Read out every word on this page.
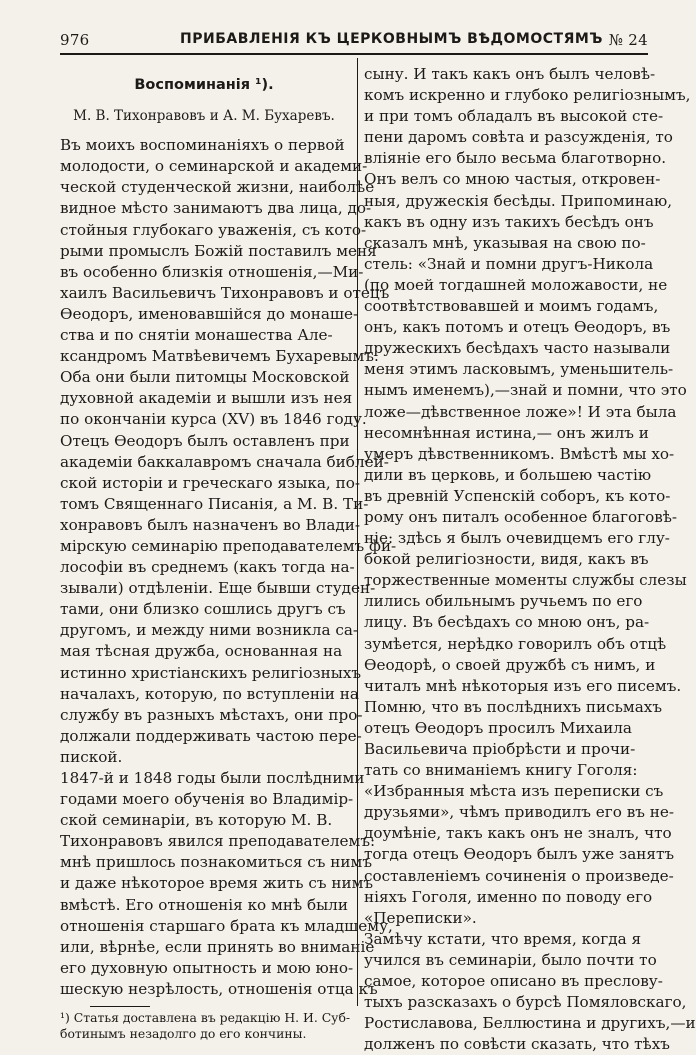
976	ПРИБАВЛЕНІЯ КЪ ЦЕРКОВНЫМЪ ВѢДОМОСТЯМЪ № 24
Воспоминанія ¹).
М. В. Тихонравовъ и А. М. Бухаревъ.
Въ моихъ воспоминаніяхъ о первой
молодости, о семинарской и академи-
ческой студенческой жизни, наиболѣе
видное мѣсто занимаютъ два лица, до-
стойныя глубокаго уваженія, съ кото-
рыми промыслъ Божій поставилъ меня
въ особенно близкія отношенія,—Ми-
хаилъ Васильевичъ Тихонравовъ и отецъ
Өеодоръ, именовавшійся до монаше-
ства и по снятіи монашества Але-
ксандромъ Матвѣевичемъ Бухаревымъ.
Оба они были питомцы Московской
духовной академіи и вышли изъ нея
по окончаніи курса (XV) въ 1846 году.
Отецъ Өеодоръ былъ оставленъ при
академіи баккалавромъ сначала библей-
ской исторіи и греческаго языка, по-
томъ Священнаго Писанія, а М. В. Ти-
хонравовъ былъ назначенъ во Влади-
мірскую семинарію преподавателемъ фи-
лософіи въ среднемъ (какъ тогда на-
зывали) отдѣленіи. Еще бывши студен-
тами, они близко сошлись другъ съ
другомъ, и между ними возникла са-
мая тѣсная дружба, основанная на
истинно христіанскихъ религіозныхъ
началахъ, которую, по вступленіи на
службу въ разныхъ мѣстахъ, они про-
должали поддерживать частою пере-
пиской.
1847-й и 1848 годы были послѣдними
годами моего обученія во Владимір-
ской семинаріи, въ которую М. В.
Тихонравовъ явился преподавателемъ:
мнѣ пришлось познакомиться съ нимъ
и даже нѣкоторое время жить съ нимъ
вмѣстѣ. Его отношенія ко мнѣ были
отношенія старшаго брата къ младшему,
или, вѣрнѣе, если принять во вниманіе
его духовную опытность и мою юно-
шескую незрѣлость, отношенія отца къ
¹) Статья доставлена въ редакцію Н. И. Суб-
ботинымъ незадолго до его кончины.
сыну. И такъ какъ онъ былъ человѣ-
комъ искренно и глубоко религіознымъ,
и при томъ обладалъ въ высокой сте-
пени даромъ совѣта и разсужденія, то
вліяніе его было весьма благотворно.
Онъ велъ со мною частыя, откровен-
ныя, дружескія бесѣды. Припоминаю,
какъ въ одну изъ такихъ бесѣдъ онъ
сказалъ мнѣ, указывая на свою по-
стель: «Знай и помни другъ-Никола
(по моей тогдашней моложавости, не
соотвѣтствовавшей и моимъ годамъ,
онъ, какъ потомъ и отецъ Өеодоръ, въ
дружескихъ бесѣдахъ часто называли
меня этимъ ласковымъ, уменьшитель-
нымъ именемъ),—знай и помни, что это
ложе—дѣвственное ложе»! И эта была
несомнѣнная истина,— онъ жилъ и
умеръ дѣвственникомъ. Вмѣстѣ мы хо-
дили въ церковь, и большею частію
въ древній Успенскій соборъ, къ кото-
рому онъ питалъ особенное благоговѣ-
ніе: здѣсь я былъ очевидцемъ его глу-
бокой религіозности, видя, какъ въ
торжественные моменты службы слезы
лились обильнымъ ручьемъ по его
лицу. Въ бесѣдахъ со мною онъ, ра-
зумѣется, нерѣдко говорилъ объ отцѣ
Өеодорѣ, о своей дружбѣ съ нимъ, и
читалъ мнѣ нѣкоторыя изъ его писемъ.
Помню, что въ послѣднихъ письмахъ
отецъ Өеодоръ просилъ Михаила
Васильевича пріобрѣсти и прочи-
тать со вниманіемъ книгу Гоголя:
«Избранныя мѣста изъ переписки съ
друзьями», чѣмъ приводилъ его въ не-
доумѣніе, такъ какъ онъ не зналъ, что
тогда отецъ Өеодоръ былъ уже занятъ
составленіемъ сочиненія о произведе-
ніяхъ Гоголя, именно по поводу его
«Переписки».
Замѣчу кстати, что время, когда я
учился въ семинаріи, было почти то
самое, которое описано въ преслову-
тыхъ разсказахъ о бурсѣ Помяловскаго,
Ростиславова, Беллюстина и другихъ,—и
долженъ по совѣсти сказать, что тѣхъ
